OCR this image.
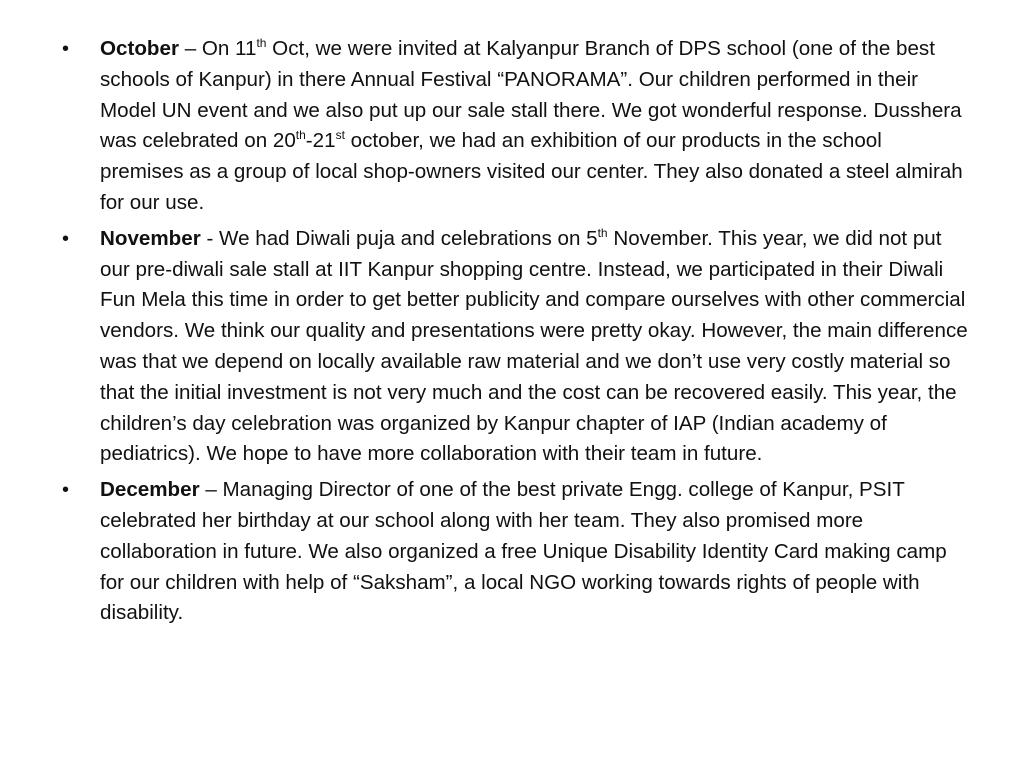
• October – On 11th Oct, we were invited at Kalyanpur Branch of DPS school (one of the best schools of Kanpur) in there Annual Festival “PANORAMA”. Our children performed in their Model UN event and we also put up our sale stall there. We got wonderful response. Dusshera was celebrated on 20th-21st october, we had an exhibition of our products in the school premises as a group of local shop-owners visited our center. They also donated a steel almirah for our use.
• November - We had Diwali puja and celebrations on 5th November. This year, we did not put our pre-diwali sale stall at IIT Kanpur shopping centre. Instead, we participated in their Diwali Fun Mela this time in order to get better publicity and compare ourselves with other commercial vendors. We think our quality and presentations were pretty okay. However, the main difference was that we depend on locally available raw material and we don’t use very costly material so that the initial investment is not very much and the cost can be recovered easily. This year, the children’s day celebration was organized by Kanpur chapter of IAP (Indian academy of pediatrics). We hope to have more collaboration with their team in future.
• December – Managing Director of one of the best private Engg. college of Kanpur, PSIT celebrated her birthday at our school along with her team. They also promised more collaboration in future. We also organized a free Unique Disability Identity Card making camp for our children with help of “Saksham”, a local NGO working towards rights of people with disability.
